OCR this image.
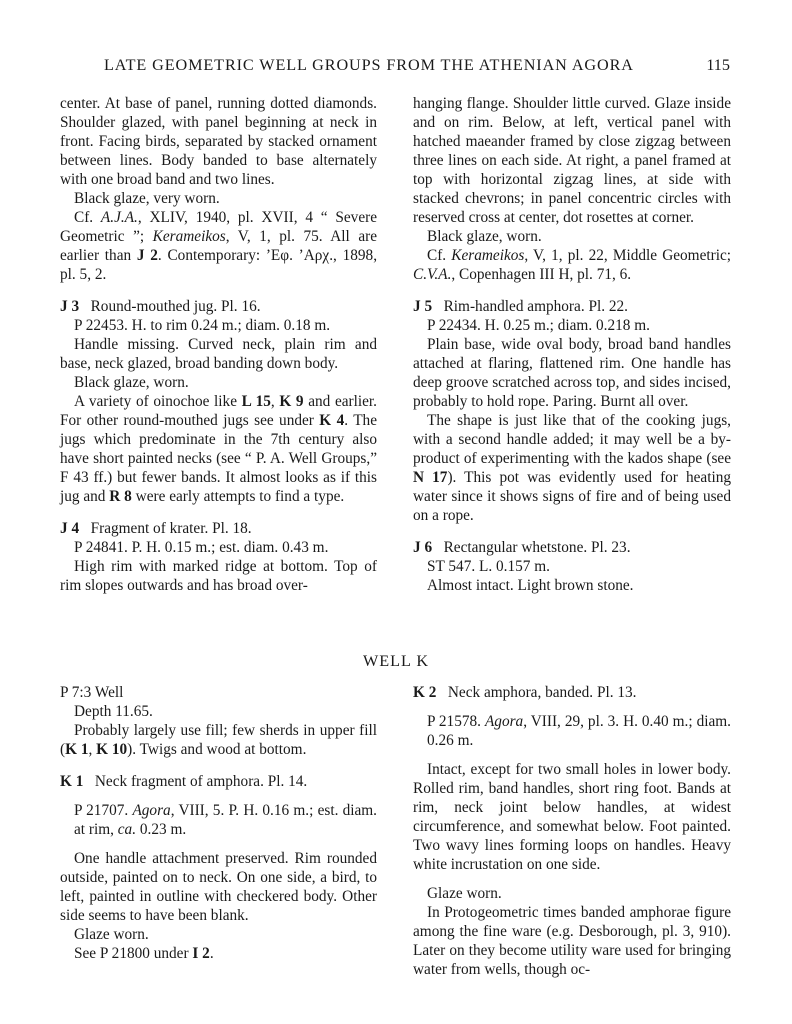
LATE GEOMETRIC WELL GROUPS FROM THE ATHENIAN AGORA	115

center. At base of panel, running dotted diamonds. Shoulder glazed, with panel beginning at neck in front. Facing birds, separated by stacked ornament between lines. Body banded to base alternately with one broad band and two lines.

Black glaze, very worn.

Cf. A.J.A., XLIV, 1940, pl. XVII, 4 “ Severe Geometric ”; Kerameikos, V, 1, pl. 75. All are earlier than J 2. Contemporary: ’Eφ. ’Aρχ., 1898, pl. 5, 2.

J 3 Round-mouthed jug. Pl. 16.

P 22453. H. to rim 0.24 m.; diam. 0.18 m.

Handle missing. Curved neck, plain rim and base, neck glazed, broad banding down body.

Black glaze, worn.

A variety of oinochoe like L 15, K 9 and earlier. For other round-mouthed jugs see under K 4. The jugs which predominate in the 7th century also have short painted necks (see “ P. A. Well Groups,” F 43 ff.) but fewer bands. It almost looks as if this jug and R 8 were early attempts to find a type.

J 4 Fragment of krater. Pl. 18.

P 24841. P. H. 0.15 m.; est. diam. 0.43 m.

High rim with marked ridge at bottom. Top of rim slopes outwards and has broad over-

hanging flange. Shoulder little curved. Glaze inside and on rim. Below, at left, vertical panel with hatched maeander framed by close zigzag between three lines on each side. At right, a panel framed at top with horizontal zigzag lines, at side with stacked chevrons; in panel concentric circles with reserved cross at center, dot rosettes at corner.

Black glaze, worn.

Cf. Kerameikos, V, 1, pl. 22, Middle Geometric; C.V.A., Copenhagen III H, pl. 71, 6.

J 5 Rim-handled amphora. Pl. 22.

P 22434. H. 0.25 m.; diam. 0.218 m.

Plain base, wide oval body, broad band handles attached at flaring, flattened rim. One handle has deep groove scratched across top, and sides incised, probably to hold rope. Paring. Burnt all over.

The shape is just like that of the cooking jugs, with a second handle added; it may well be a by-product of experimenting with the kados shape (see N 17). This pot was evidently used for heating water since it shows signs of fire and of being used on a rope.

J 6 Rectangular whetstone. Pl. 23.

ST 547. L. 0.157 m.

Almost intact. Light brown stone.

WELL K

P 7:3 Well

Depth 11.65.

Probably largely use fill; few sherds in upper fill (K 1, K 10). Twigs and wood at bottom.

K 1 Neck fragment of amphora. Pl. 14.

P 21707. Agora, VIII, 5. P. H. 0.16 m.; est. diam. at rim, ca. 0.23 m.

One handle attachment preserved. Rim rounded outside, painted on to neck. On one side, a bird, to left, painted in outline with checkered body. Other side seems to have been blank.

Glaze worn.

See P 21800 under I 2.

K 2 Neck amphora, banded. Pl. 13.

P 21578. Agora, VIII, 29, pl. 3. H. 0.40 m.; diam. 0.26 m.

Intact, except for two small holes in lower body. Rolled rim, band handles, short ring foot. Bands at rim, neck joint below handles, at widest circumference, and somewhat below. Foot painted. Two wavy lines forming loops on handles. Heavy white incrustation on one side.

Glaze worn.

In Protogeometric times banded amphorae figure among the fine ware (e.g. Desborough, pl. 3, 910). Later on they become utility ware used for bringing water from wells, though oc-
